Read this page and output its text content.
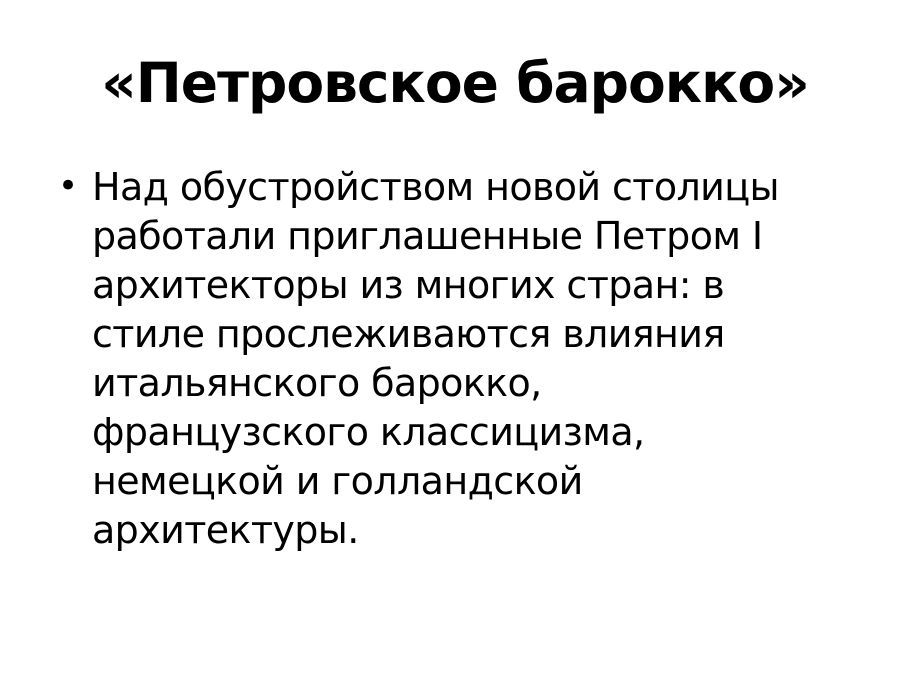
«Петровское барокко»
• Над обустройством новой столицы
работали приглашенные Петром I
архитекторы из многих стран: в
стиле прослеживаются влияния
итальянского барокко,
французского классицизма,
немецкой и голландской
архитектуры.
